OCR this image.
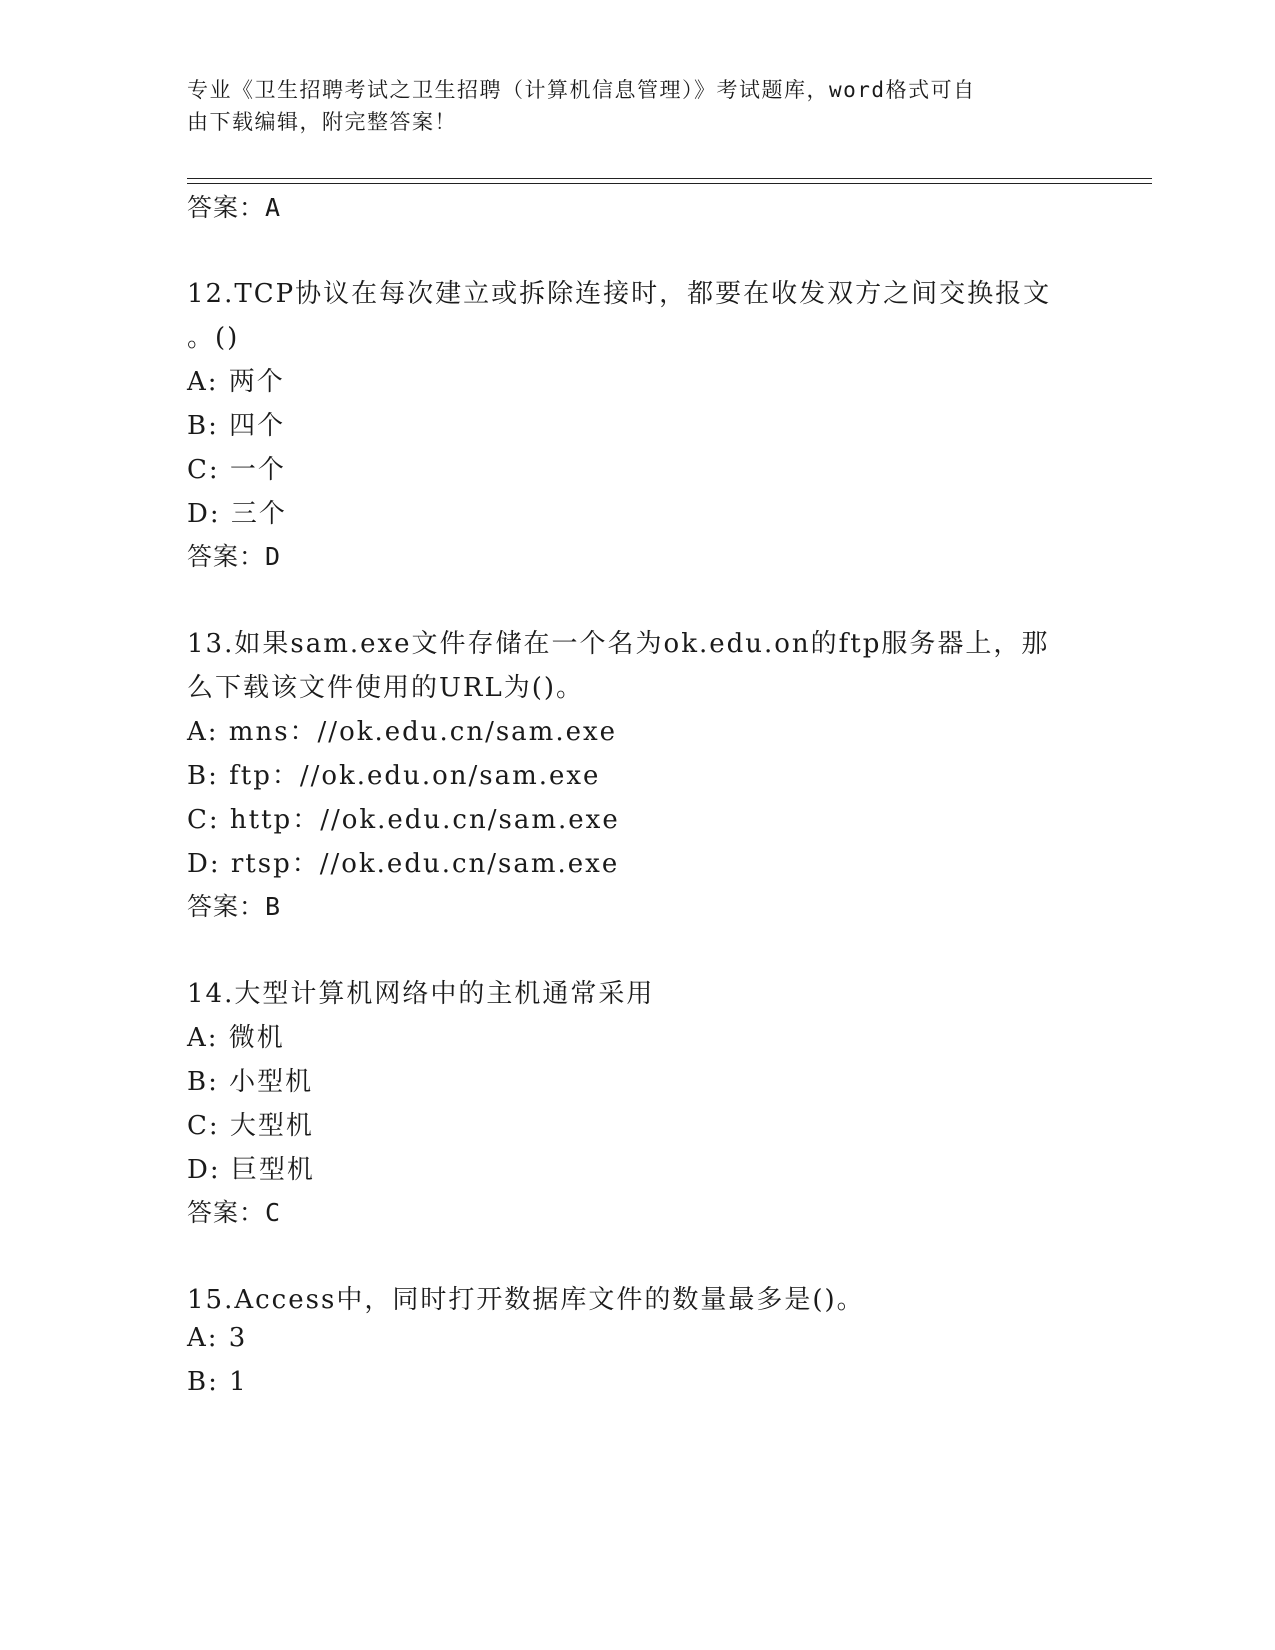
专业《卫生招聘考试之卫生招聘（计算机信息管理）》考试题库，word格式可自
由下载编辑，附完整答案！
答案：A
12.TCP协议在每次建立或拆除连接时，都要在收发双方之间交换报文
。()
A: 两个
B: 四个
C: 一个
D: 三个
答案：D
13.如果sam.exe文件存储在一个名为ok.edu.on的ftp服务器上，那
么下载该文件使用的URL为()。
A: mns：//ok.edu.cn/sam.exe
B: ftp：//ok.edu.on/sam.exe
C: http：//ok.edu.cn/sam.exe
D: rtsp：//ok.edu.cn/sam.exe
答案：B
14.大型计算机网络中的主机通常采用
A: 微机
B: 小型机
C: 大型机
D: 巨型机
答案：C
15.Access中，同时打开数据库文件的数量最多是()。
A: 3
B: 1
